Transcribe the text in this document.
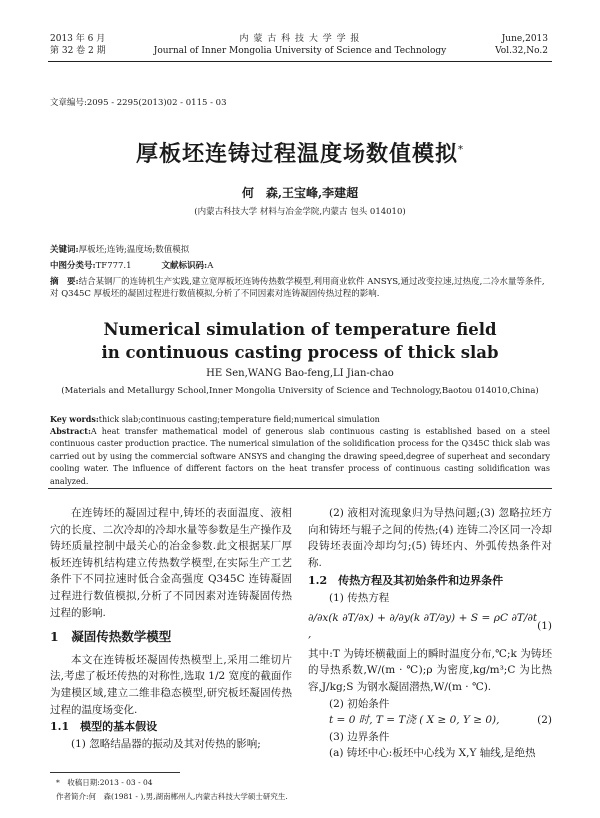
2013 年 6 月
第 32 卷 2 期
内 蒙 古 科 技 大 学 学 报
Journal of Inner Mongolia University of Science and Technology
June,2013
Vol.32,No.2
文章编号:2095 - 2295(2013)02 - 0115 - 03
厚板坯连铸过程温度场数值模拟*
何　森,王宝峰,李建超
(内蒙古科技大学 材料与冶金学院,内蒙古 包头 014010)
关键词:厚板坯;连铸;温度场;数值模拟
中图分类号:TF777.1	文献标识码:A
摘　要:结合某钢厂的连铸机生产实践,建立宽厚板坯连铸传热数学模型,利用商业软件 ANSYS,通过改变拉速,过热度,二冷水量等条件,对 Q345C 厚板坯的凝固过程进行数值模拟,分析了不同因素对连铸凝固传热过程的影响.
Numerical simulation of temperature field
in continuous casting process of thick slab
HE Sen,WANG Bao-feng,LI Jian-chao
(Materials and Metallurgy School,Inner Mongolia University of Science and Technology,Baotou 014010,China)
Key words:thick slab;continuous casting;temperature field;numerical simulation
Abstract:A heat transfer mathematical model of generous slab continuous casting is established based on a steel continuous caster production practice. The numerical simulation of the solidification process for the Q345C thick slab was carried out by using the commercial software ANSYS and changing the drawing speed,degree of superheat and secondary cooling water. The influence of different factors on the heat transfer process of continuous casting solidification was analyzed.

在连铸坯的凝固过程中,铸坯的表面温度、液相穴的长度、二次冷却的冷却水量等参数是生产操作及铸坯质量控制中最关心的冶金参数.此文根据某厂厚板坯连铸机结构建立传热数学模型,在实际生产工艺条件下不同拉速时低合金高强度 Q345C 连铸凝固过程进行数值模拟,分析了不同因素对连铸凝固传热过程的影响.

1　凝固传热数学模型

本文在连铸板坯凝固传热模型上,采用二维切片法,考虑了板坯传热的对称性,选取 1/2 宽度的截面作为建模区域,建立二维非稳态模型,研究板坯凝固传热过程的温度场变化.

1.1　模型的基本假设

(1) 忽略结晶器的振动及其对传热的影响;

(2) 液相对流现象归为导热问题;(3) 忽略拉坯方向和铸坯与辊子之间的传热;(4) 连铸二冷区同一冷却段铸坯表面冷却均匀;(5) 铸坯内、外弧传热条件对称.

1.2　传热方程及其初始条件和边界条件

(1) 传热方程

∂/∂x(k ∂T/∂x) + ∂/∂y(k ∂T/∂y) + S = ρC ∂T/∂t ,
(1)

其中:T 为铸坯横截面上的瞬时温度分布,℃;k 为铸坯的导热系数,W/(m · ℃);ρ 为密度,kg/m³;C 为比热容,J/kg;S 为钢水凝固潜热,W/(m · ℃).

(2) 初始条件

t = 0 时, T = T浇 ( X ≥ 0, Y ≥ 0),	(2)

(3) 边界条件

(a) 铸坯中心:板坯中心线为 X,Y 轴线,是绝热

*　收稿日期:2013 - 03 - 04
作者简介:何　森(1981 - ),男,湖南郴州人,内蒙古科技大学硕士研究生.
